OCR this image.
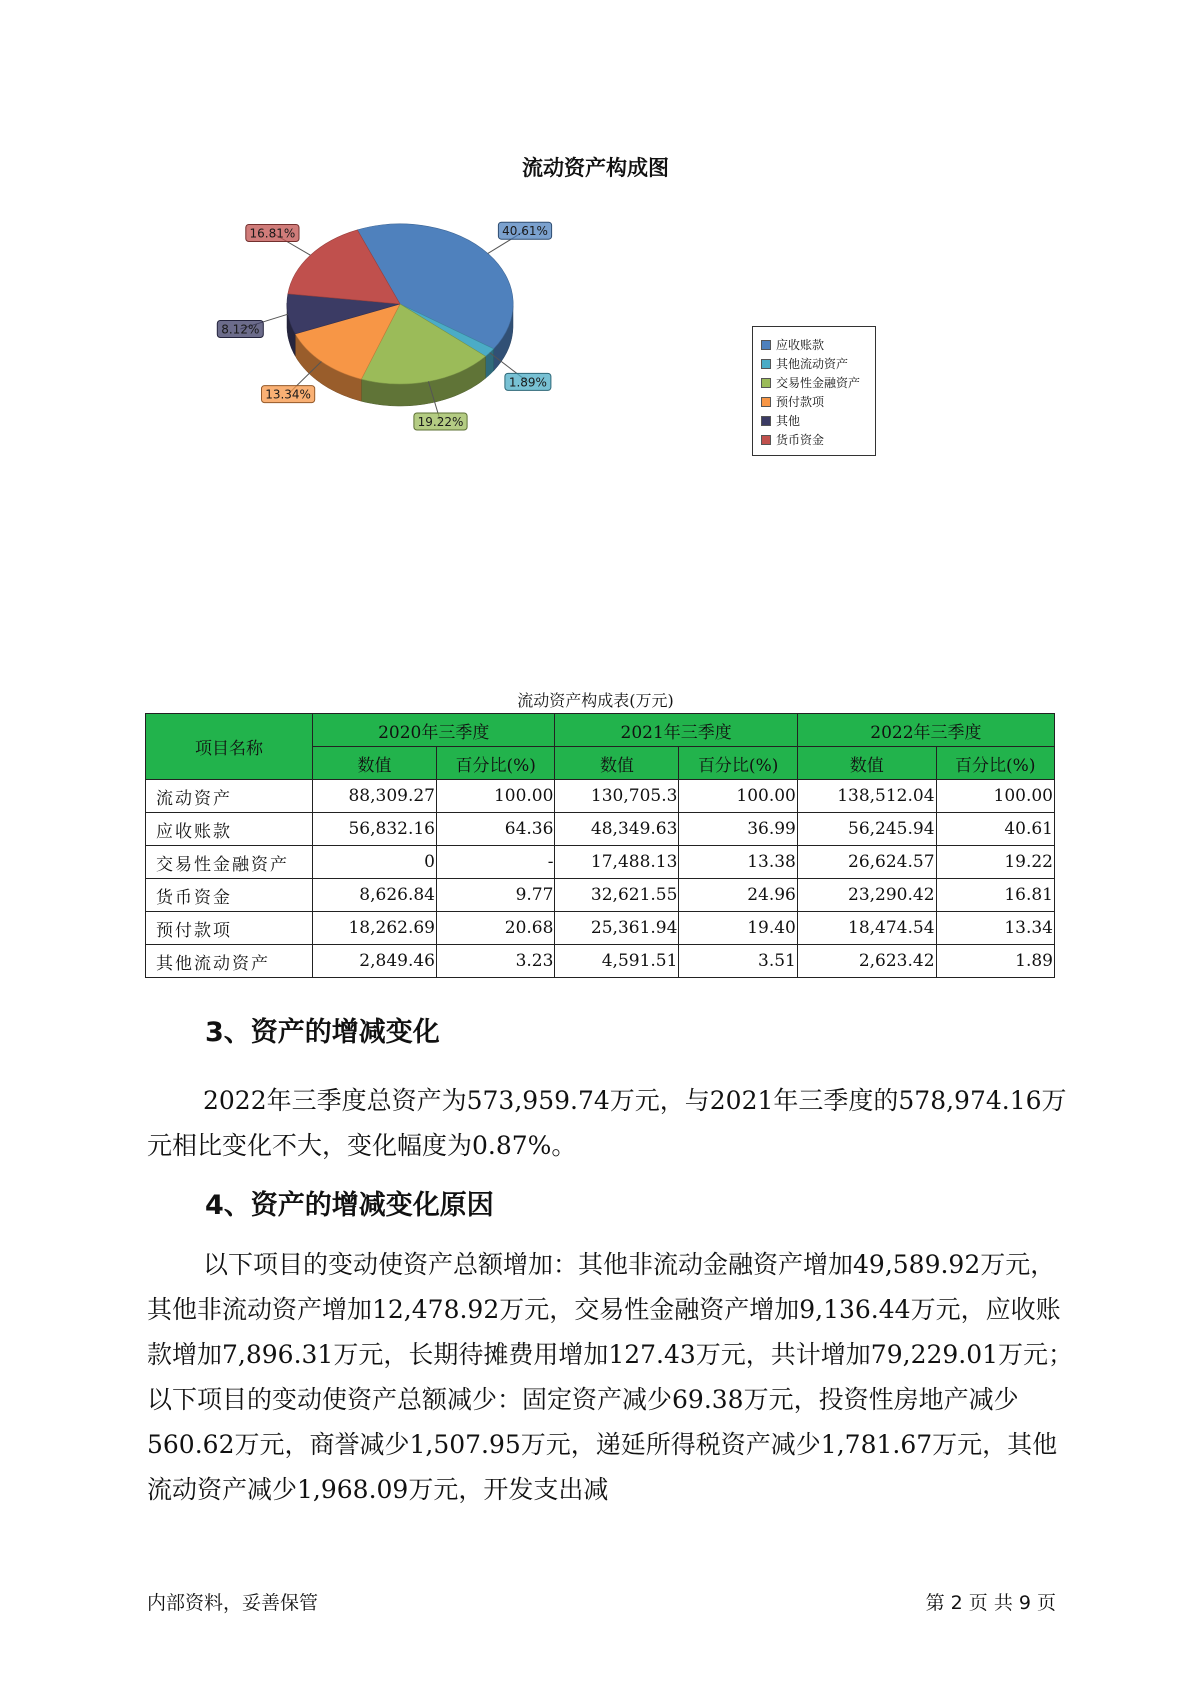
流动资产构成图
40.61%
1.89%
19.22%
13.34%
8.12%
16.81%
应收账款
其他流动资产
交易性金融资产
预付款项
其他
货币资金
流动资产构成表(万元)
项目名称	2020年三季度		2021年三季度		2022年三季度	
	数值	百分比(%)	数值	百分比(%)	数值	百分比(%)
流动资产	88,309.27	100.00	130,705.3	100.00	138,512.04	100.00
应收账款	56,832.16	64.36	48,349.63	36.99	56,245.94	40.61
交易性金融资产	0	-	17,488.13	13.38	26,624.57	19.22
货币资金	8,626.84	9.77	32,621.55	24.96	23,290.42	16.81
预付款项	18,262.69	20.68	25,361.94	19.40	18,474.54	13.34
其他流动资产	2,849.46	3.23	4,591.51	3.51	2,623.42	1.89
3、资产的增减变化
2022年三季度总资产为573,959.74万元，与2021年三季度的578,974.16万元相比变化不大，变化幅度为0.87%。
4、资产的增减变化原因
以下项目的变动使资产总额增加：其他非流动金融资产增加49,589.92万元，其他非流动资产增加12,478.92万元，交易性金融资产增加9,136.44万元，应收账款增加7,896.31万元，长期待摊费用增加127.43万元，共计增加79,229.01万元；以下项目的变动使资产总额减少：固定资产减少69.38万元，投资性房地产减少560.62万元，商誉减少1,507.95万元，递延所得税资产减少1,781.67万元，其他流动资产减少1,968.09万元，开发支出减
内部资料，妥善保管	第 2 页 共 9 页
